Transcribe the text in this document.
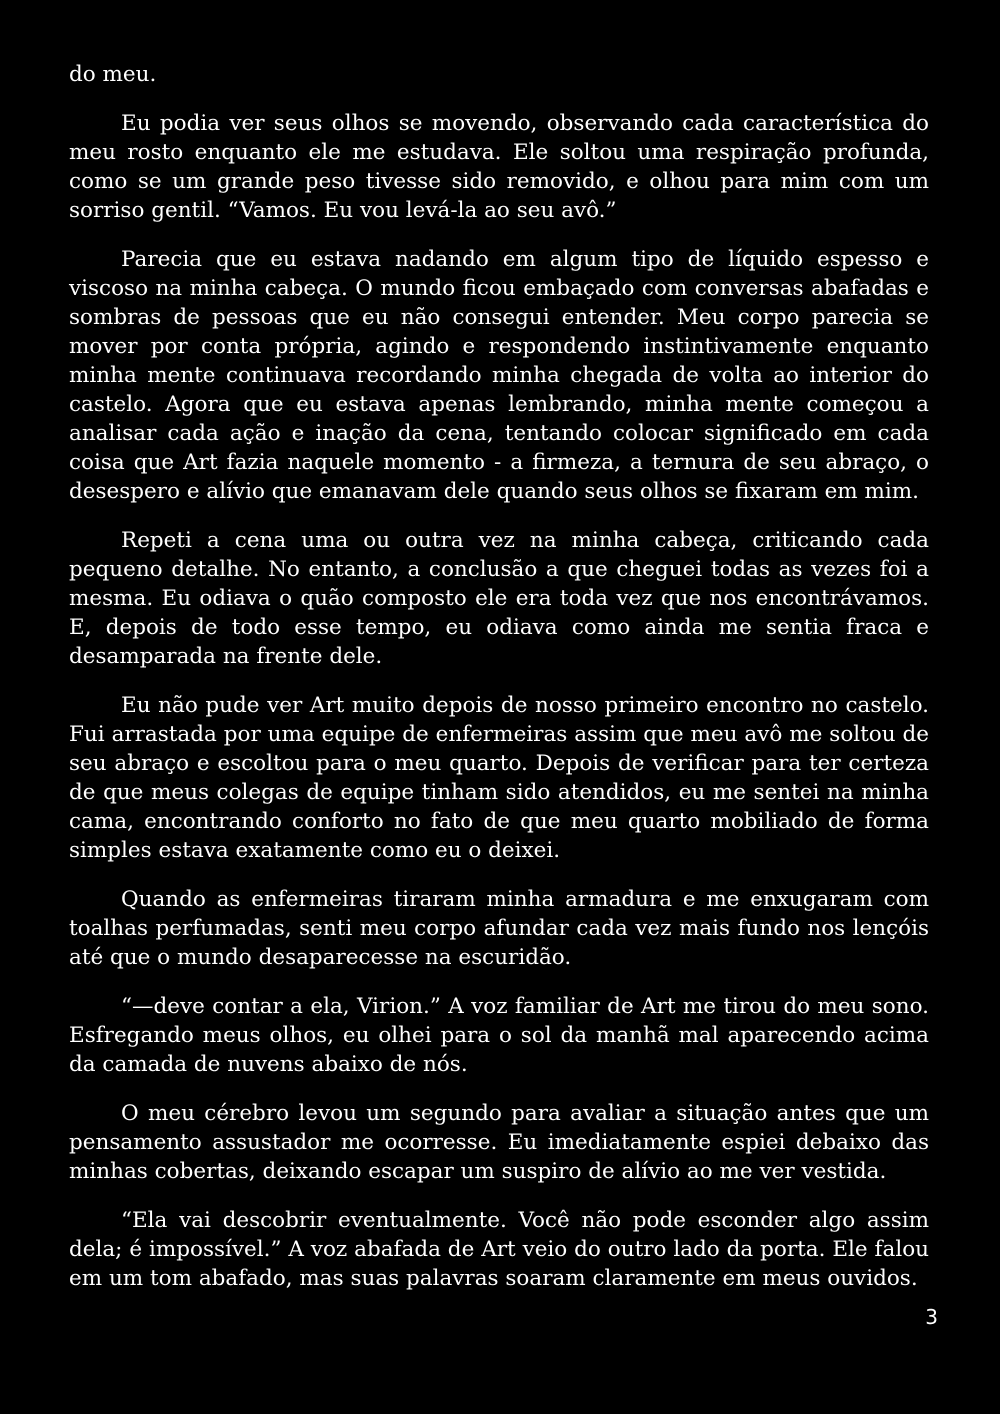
do meu.

Eu podia ver seus olhos se movendo, observando cada característica do meu rosto enquanto ele me estudava. Ele soltou uma respiração profunda, como se um grande peso tivesse sido removido, e olhou para mim com um sorriso gentil. “Vamos. Eu vou levá-la ao seu avô.”

Parecia que eu estava nadando em algum tipo de líquido espesso e viscoso na minha cabeça. O mundo ficou embaçado com conversas abafadas e sombras de pessoas que eu não consegui entender. Meu corpo parecia se mover por conta própria, agindo e respondendo instintivamente enquanto minha mente continuava recordando minha chegada de volta ao interior do castelo. Agora que eu estava apenas lembrando, minha mente começou a analisar cada ação e inação da cena, tentando colocar significado em cada coisa que Art fazia naquele momento - a firmeza, a ternura de seu abraço, o desespero e alívio que emanavam dele quando seus olhos se fixaram em mim.

Repeti a cena uma ou outra vez na minha cabeça, criticando cada pequeno detalhe. No entanto, a conclusão a que cheguei todas as vezes foi a mesma. Eu odiava o quão composto ele era toda vez que nos encontrávamos. E, depois de todo esse tempo, eu odiava como ainda me sentia fraca e desamparada na frente dele.

Eu não pude ver Art muito depois de nosso primeiro encontro no castelo. Fui arrastada por uma equipe de enfermeiras assim que meu avô me soltou de seu abraço e escoltou para o meu quarto. Depois de verificar para ter certeza de que meus colegas de equipe tinham sido atendidos, eu me sentei na minha cama, encontrando conforto no fato de que meu quarto mobiliado de forma simples estava exatamente como eu o deixei.

Quando as enfermeiras tiraram minha armadura e me enxugaram com toalhas perfumadas, senti meu corpo afundar cada vez mais fundo nos lençóis até que o mundo desaparecesse na escuridão.

“—deve contar a ela, Virion.” A voz familiar de Art me tirou do meu sono. Esfregando meus olhos, eu olhei para o sol da manhã mal aparecendo acima da camada de nuvens abaixo de nós.

O meu cérebro levou um segundo para avaliar a situação antes que um pensamento assustador me ocorresse. Eu imediatamente espiei debaixo das minhas cobertas, deixando escapar um suspiro de alívio ao me ver vestida.

“Ela vai descobrir eventualmente. Você não pode esconder algo assim dela; é impossível.” A voz abafada de Art veio do outro lado da porta. Ele falou em um tom abafado, mas suas palavras soaram claramente em meus ouvidos.

3
